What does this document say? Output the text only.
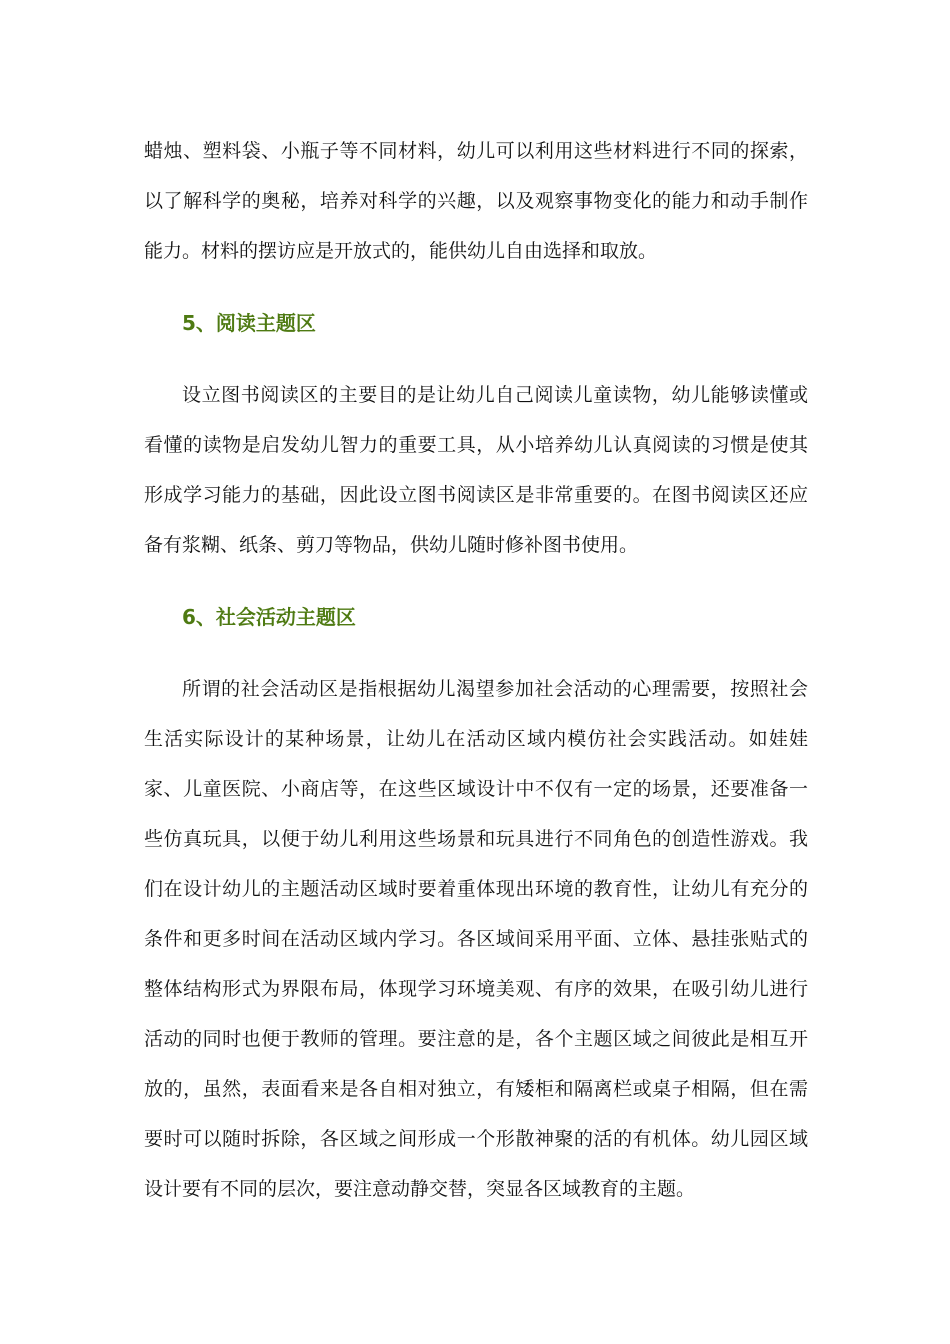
蜡烛、塑料袋、小瓶子等不同材料，幼儿可以利用这些材料进行不同的探索，以了解科学的奥秘，培养对科学的兴趣，以及观察事物变化的能力和动手制作能力。材料的摆访应是开放式的，能供幼儿自由选择和取放。

5、阅读主题区

设立图书阅读区的主要目的是让幼儿自己阅读儿童读物，幼儿能够读懂或看懂的读物是启发幼儿智力的重要工具，从小培养幼儿认真阅读的习惯是使其形成学习能力的基础，因此设立图书阅读区是非常重要的。在图书阅读区还应备有浆糊、纸条、剪刀等物品，供幼儿随时修补图书使用。

6、社会活动主题区

所谓的社会活动区是指根据幼儿渴望参加社会活动的心理需要，按照社会生活实际设计的某种场景，让幼儿在活动区域内模仿社会实践活动。如娃娃家、儿童医院、小商店等，在这些区域设计中不仅有一定的场景，还要准备一些仿真玩具，以便于幼儿利用这些场景和玩具进行不同角色的创造性游戏。我们在设计幼儿的主题活动区域时要着重体现出环境的教育性，让幼儿有充分的条件和更多时间在活动区域内学习。各区域间采用平面、立体、悬挂张贴式的整体结构形式为界限布局，体现学习环境美观、有序的效果，在吸引幼儿进行活动的同时也便于教师的管理。要注意的是，各个主题区域之间彼此是相互开放的，虽然，表面看来是各自相对独立，有矮柜和隔离栏或桌子相隔，但在需要时可以随时拆除，各区域之间形成一个形散神聚的活的有机体。幼儿园区域设计要有不同的层次，要注意动静交替，突显各区域教育的主题。
